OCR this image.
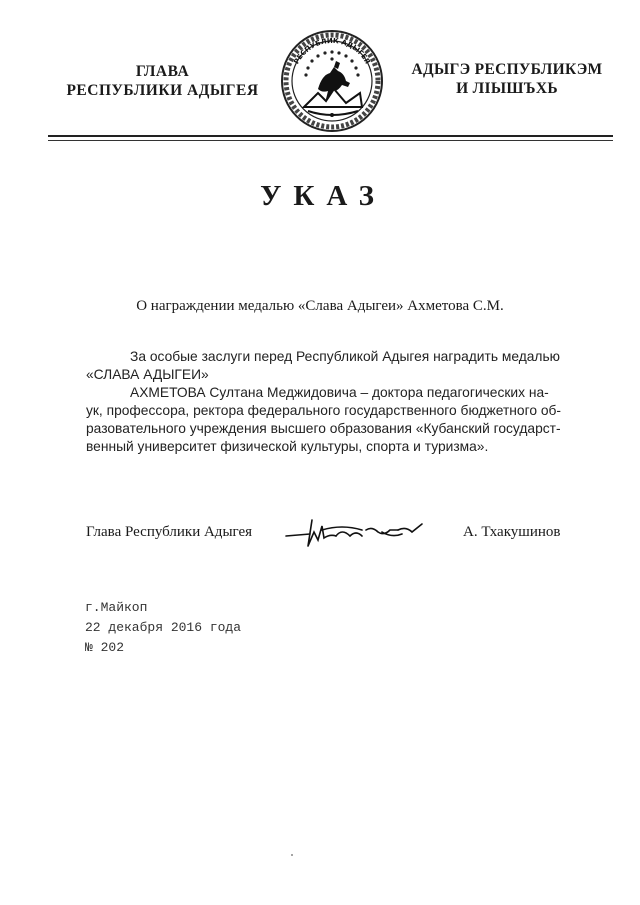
ГЛАВА
РЕСПУБЛИКИ АДЫГЕЯ
РЕСПУБЛИК АДЫГЕЯ	АДЫГЭ РЕСПУБЛИКЭМ
И ЛІЫШЪХЬ
УКАЗ
О награждении медалью «Слава Адыгеи» Ахметова С.М.
За особые заслуги перед Республикой Адыгея наградить медалью
«СЛАВА АДЫГЕИ»
АХМЕТОВА Султана Меджидовича – доктора педагогических на-
ук, профессора, ректора федерального государственного бюджетного об-
разовательного учреждения высшего образования «Кубанский государст-
венный университет физической культуры, спорта и туризма».
Глава Республики Адыгея	А. Тхакушинов
г.Майкоп
22 декабря 2016 года
№ 202
